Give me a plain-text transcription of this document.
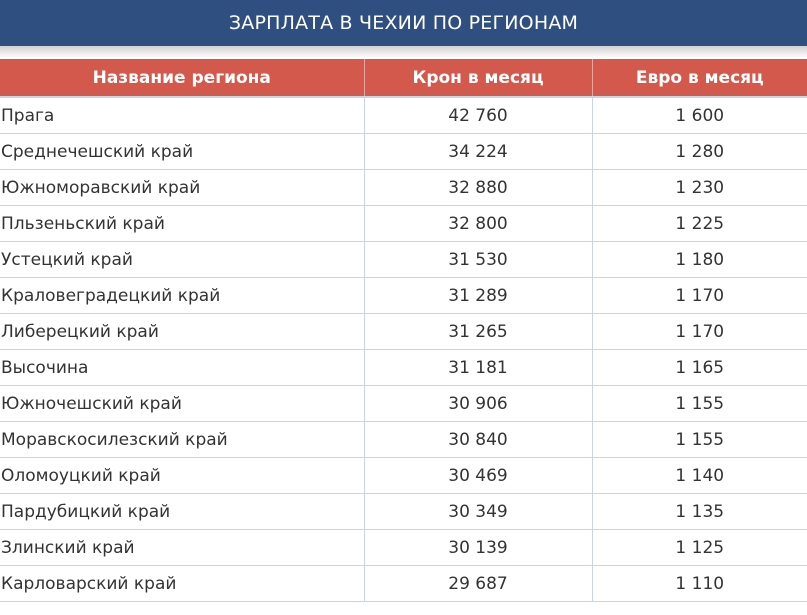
ЗАРПЛАТА В ЧЕХИИ ПО РЕГИОНАМ
Название региона	Крон в месяц	Евро в месяц
Прага	42 760	1 600
Среднечешский край	34 224	1 280
Южноморавский край	32 880	1 230
Пльзеньский край	32 800	1 225
Устецкий край	31 530	1 180
Краловеградецкий край	31 289	1 170
Либерецкий край	31 265	1 170
Высочина	31 181	1 165
Южночешский край	30 906	1 155
Моравскосилезский край	30 840	1 155
Оломоуцкий край	30 469	1 140
Пардубицкий край	30 349	1 135
Злинский край	30 139	1 125
Карловарский край	29 687	1 110
